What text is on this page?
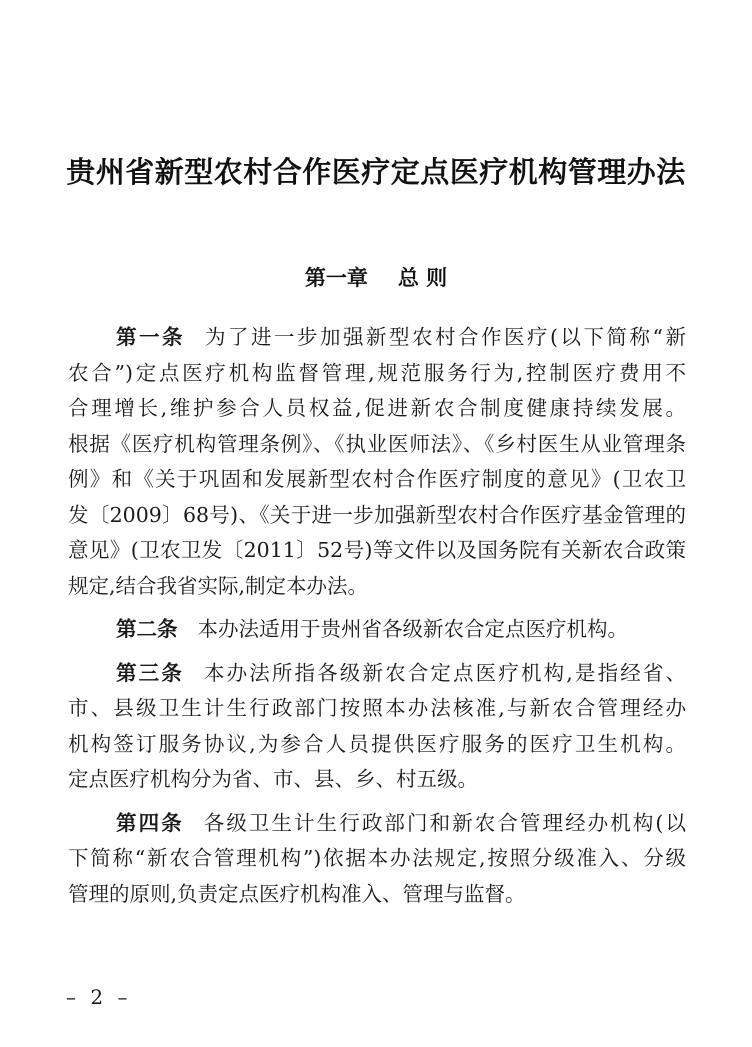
贵州省新型农村合作医疗定点医疗机构管理办法
第一章 总 则
第一条 为了进一步加强新型农村合作医疗(以下简称“新
农合”)定点医疗机构监督管理,规范服务行为,控制医疗费用不
合理增长,维护参合人员权益,促进新农合制度健康持续发展。
根据《医疗机构管理条例》、《执业医师法》、《乡村医生从业管理条
例》和《关于巩固和发展新型农村合作医疗制度的意见》(卫农卫
发〔2009〕68号)、《关于进一步加强新型农村合作医疗基金管理的
意见》(卫农卫发〔2011〕52号)等文件以及国务院有关新农合政策
规定,结合我省实际,制定本办法。
第二条 本办法适用于贵州省各级新农合定点医疗机构。
第三条 本办法所指各级新农合定点医疗机构,是指经省、
市、县级卫生计生行政部门按照本办法核准,与新农合管理经办
机构签订服务协议,为参合人员提供医疗服务的医疗卫生机构。
定点医疗机构分为省、市、县、乡、村五级。
第四条 各级卫生计生行政部门和新农合管理经办机构(以
下简称“新农合管理机构”)依据本办法规定,按照分级准入、分级
管理的原则,负责定点医疗机构准入、管理与监督。
– 2 –
